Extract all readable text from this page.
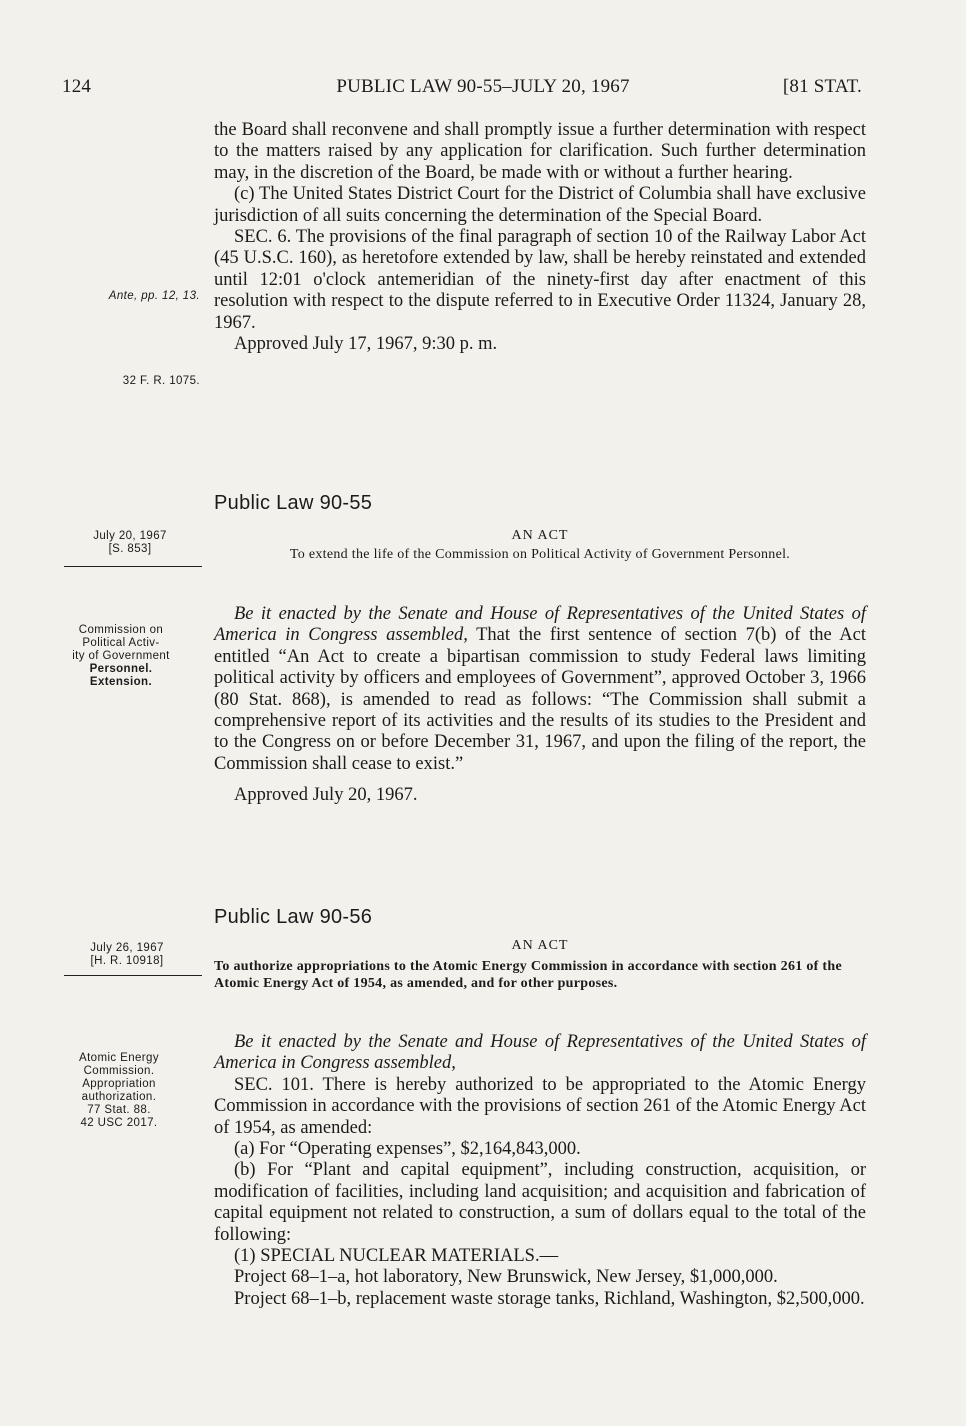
124	PUBLIC LAW 90-55–JULY 20, 1967	[81 STAT.

the Board shall reconvene and shall promptly issue a further determination with respect to the matters raised by any application for clarification. Such further determination may, in the discretion of the Board, be made with or without a further hearing.

(c) The United States District Court for the District of Columbia shall have exclusive jurisdiction of all suits concerning the determination of the Special Board.

SEC. 6. The provisions of the final paragraph of section 10 of the Railway Labor Act (45 U.S.C. 160), as heretofore extended by law, shall be hereby reinstated and extended until 12:01 o'clock antemeridian of the ninety-first day after enactment of this resolution with respect to the dispute referred to in Executive Order 11324, January 28, 1967.

Approved July 17, 1967, 9:30 p. m.

Ante, pp. 12, 13.
32 F. R. 1075.
Public Law 90-55
July 20, 1967
[S. 853]
AN ACT
To extend the life of the Commission on Political Activity of Government Personnel.

Be it enacted by the Senate and House of Representatives of the United States of America in Congress assembled, That the first sentence of section 7(b) of the Act entitled “An Act to create a bipartisan commission to study Federal laws limiting political activity by officers and employees of Government”, approved October 3, 1966 (80 Stat. 868), is amended to read as follows: “The Commission shall submit a comprehensive report of its activities and the results of its studies to the President and to the Congress on or before December 31, 1967, and upon the filing of the report, the Commission shall cease to exist.”

Approved July 20, 1967.

Commission on
Political Activ-
ity of Government
Personnel.
Extension.
Public Law 90-56
July 26, 1967
[H. R. 10918]
AN ACT
To authorize appropriations to the Atomic Energy Commission in accordance with section 261 of the Atomic Energy Act of 1954, as amended, and for other purposes.

Be it enacted by the Senate and House of Representatives of the United States of America in Congress assembled,

SEC. 101. There is hereby authorized to be appropriated to the Atomic Energy Commission in accordance with the provisions of section 261 of the Atomic Energy Act of 1954, as amended:

(a) For “Operating expenses”, $2,164,843,000.

(b) For “Plant and capital equipment”, including construction, acquisition, or modification of facilities, including land acquisition; and acquisition and fabrication of capital equipment not related to construction, a sum of dollars equal to the total of the following:

(1) SPECIAL NUCLEAR MATERIALS.—

Project 68–1–a, hot laboratory, New Brunswick, New Jersey, $1,000,000.

Project 68–1–b, replacement waste storage tanks, Richland, Washington, $2,500,000.

Atomic Energy
Commission.
Appropriation
authorization.
77 Stat. 88.
42 USC 2017.
